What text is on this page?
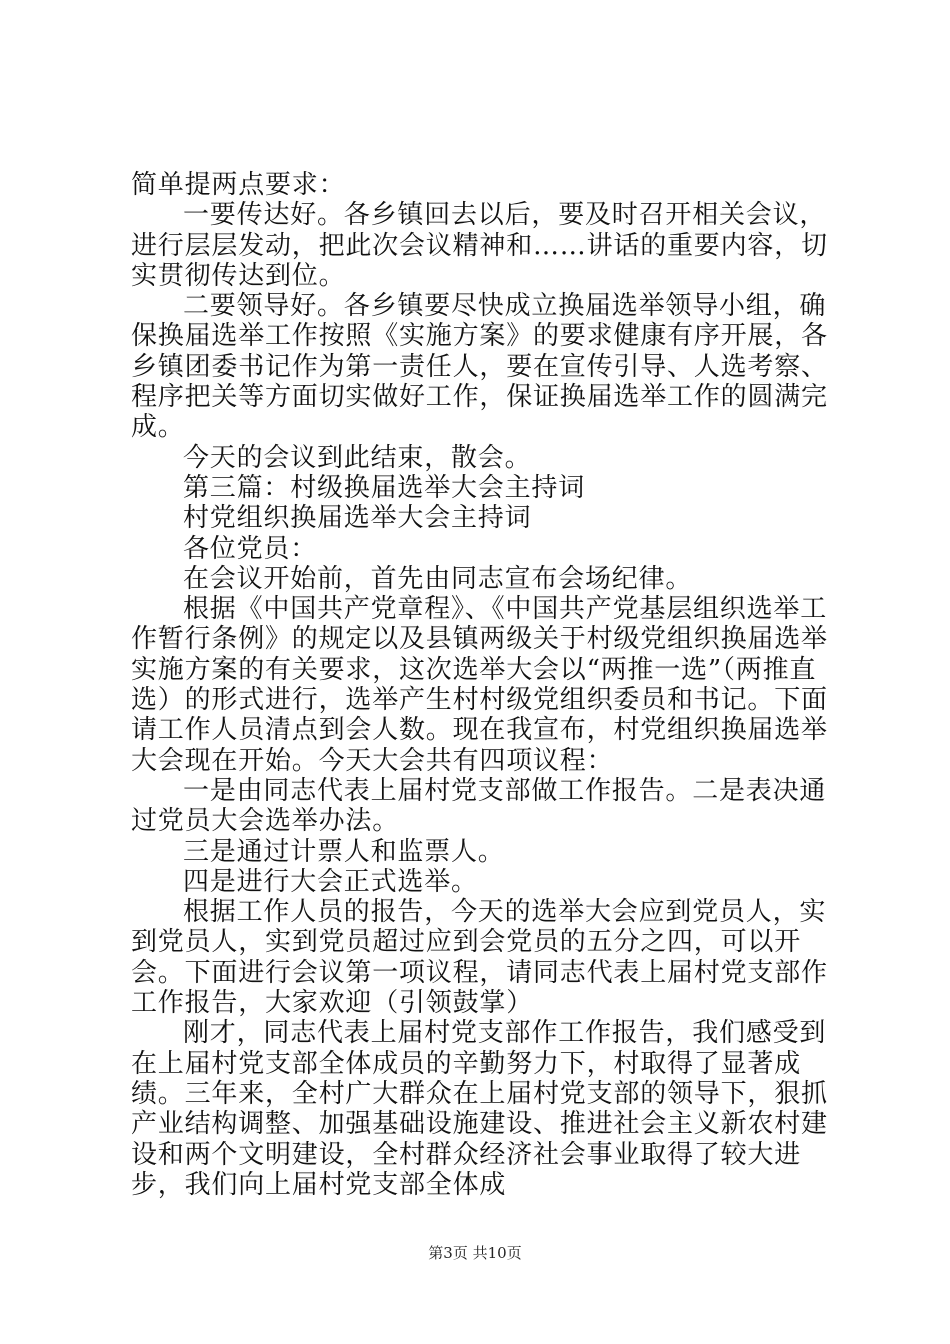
简单提两点要求：

一要传达好。各乡镇回去以后，要及时召开相关会议，进行层层发动，把此次会议精神和……讲话的重要内容，切实贯彻传达到位。

二要领导好。各乡镇要尽快成立换届选举领导小组，确保换届选举工作按照《实施方案》的要求健康有序开展，各乡镇团委书记作为第一责任人，要在宣传引导、人选考察、程序把关等方面切实做好工作，保证换届选举工作的圆满完成。

今天的会议到此结束，散会。

第三篇：村级换届选举大会主持词

村党组织换届选举大会主持词

各位党员：

在会议开始前，首先由同志宣布会场纪律。

根据《中国共产党章程》、《中国共产党基层组织选举工作暂行条例》的规定以及县镇两级关于村级党组织换届选举实施方案的有关要求，这次选举大会以“两推一选”（两推直选）的形式进行，选举产生村村级党组织委员和书记。下面请工作人员清点到会人数。现在我宣布，村党组织换届选举大会现在开始。今天大会共有四项议程：

一是由同志代表上届村党支部做工作报告。二是表决通过党员大会选举办法。

三是通过计票人和监票人。

四是进行大会正式选举。

根据工作人员的报告，今天的选举大会应到党员人，实到党员人，实到党员超过应到会党员的五分之四，可以开会。下面进行会议第一项议程，请同志代表上届村党支部作工作报告，大家欢迎（引领鼓掌）

刚才，同志代表上届村党支部作工作报告，我们感受到在上届村党支部全体成员的辛勤努力下，村取得了显著成绩。三年来，全村广大群众在上届村党支部的领导下，狠抓产业结构调整、加强基础设施建设、推进社会主义新农村建设和两个文明建设，全村群众经济社会事业取得了较大进步，我们向上届村党支部全体成

第3页 共10页
